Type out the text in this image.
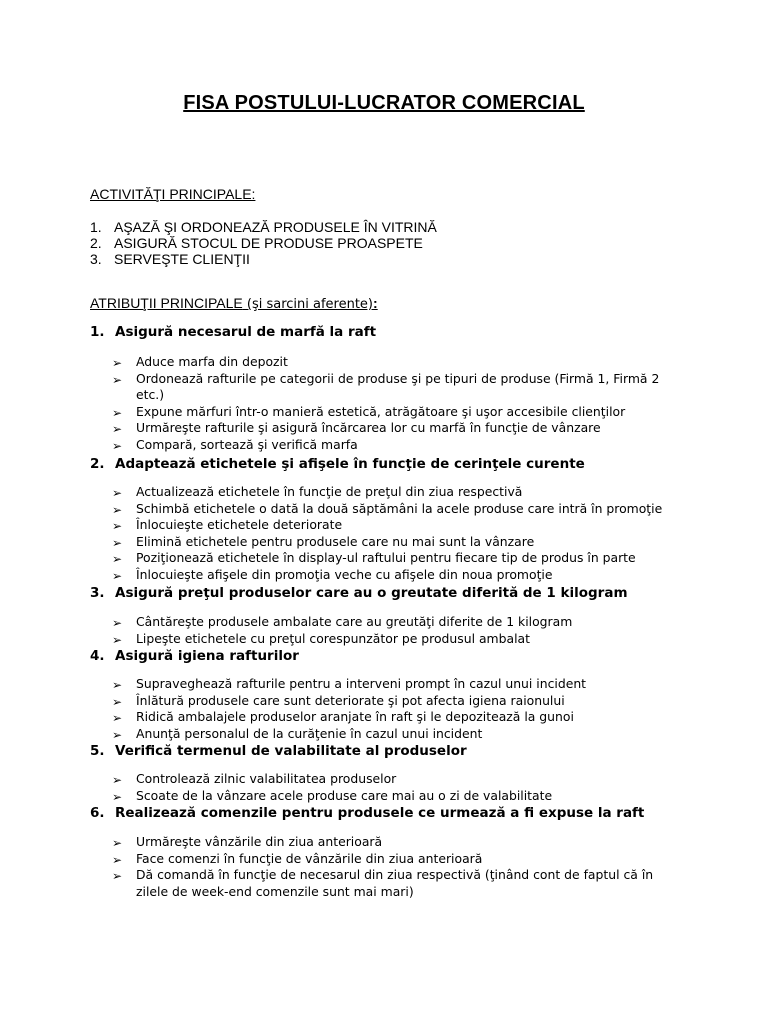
FISA POSTULUI-LUCRATOR COMERCIAL
ACTIVITĂŢI PRINCIPALE:
1. AŞAZĂ ŞI ORDONEAZĂ PRODUSELE ÎN VITRINĂ
2. ASIGURĂ STOCUL DE PRODUSE PROASPETE
3. SERVEŞTE CLIENŢII
ATRIBUŢII PRINCIPALE (şi sarcini aferente):
1. Asigură necesarul de marfă la raft
➢ Aduce marfa din depozit
➢ Ordonează rafturile pe categorii de produse şi pe tipuri de produse (Firmă 1, Firmă 2 etc.)
➢ Expune mărfuri într-o manieră estetică, atrăgătoare şi uşor accesibile clienţilor
➢ Urmăreşte rafturile şi asigură încărcarea lor cu marfă în funcţie de vânzare
➢ Compară, sortează şi verifică marfa
2. Adaptează etichetele şi afişele în funcţie de cerinţele curente
➢ Actualizează etichetele în funcţie de preţul din ziua respectivă
➢ Schimbă etichetele o dată la două săptămâni la acele produse care intră în promoţie
➢ Înlocuieşte etichetele deteriorate
➢ Elimină etichetele pentru produsele care nu mai sunt la vânzare
➢ Poziţionează etichetele în display-ul raftului pentru fiecare tip de produs în parte
➢ Înlocuieşte afişele din promoţia veche cu afişele din noua promoţie
3. Asigură preţul produselor care au o greutate diferită de 1 kilogram
➢ Cântăreşte produsele ambalate care au greutăţi diferite de 1 kilogram
➢ Lipeşte etichetele cu preţul corespunzător pe produsul ambalat
4. Asigură igiena rafturilor
➢ Supraveghează rafturile pentru a interveni prompt în cazul unui incident
➢ Înlătură produsele care sunt deteriorate şi pot afecta igiena raionului
➢ Ridică ambalajele produselor aranjate în raft şi le depozitează la gunoi
➢ Anunţă personalul de la curăţenie în cazul unui incident
5. Verifică termenul de valabilitate al produselor
➢ Controlează zilnic valabilitatea produselor
➢ Scoate de la vânzare acele produse care mai au o zi de valabilitate
6. Realizează comenzile pentru produsele ce urmează a fi expuse la raft
➢ Urmăreşte vânzările din ziua anterioară
➢ Face comenzi în funcţie de vânzările din ziua anterioară
➢ Dă comandă în funcţie de necesarul din ziua respectivă (ţinând cont de faptul că în zilele de week-end comenzile sunt mai mari)
